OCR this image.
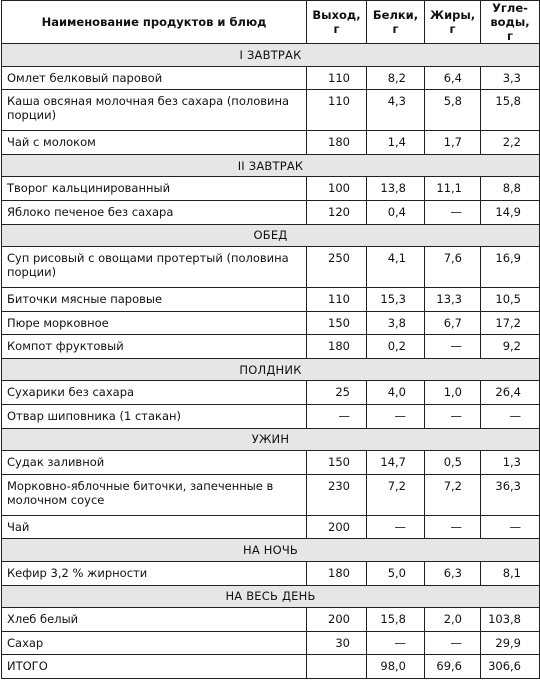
Наименование продуктов и блюд	Выход, г	Белки, г	Жиры, г	Угле-воды, г
I ЗАВТРАК				
Омлет белковый паровой	110	8,2	6,4	3,3
Каша овсяная молочная без сахара (половина порции)	110	4,3	5,8	15,8
Чай с молоком	180	1,4	1,7	2,2
II ЗАВТРАК				
Творог кальцинированный	100	13,8	11,1	8,8
Яблоко печеное без сахара	120	0,4	—	14,9
ОБЕД				
Суп рисовый с овощами протертый (половина порции)	250	4,1	7,6	16,9
Биточки мясные паровые	110	15,3	13,3	10,5
Пюре морковное	150	3,8	6,7	17,2
Компот фруктовый	180	0,2	—	9,2
ПОЛДНИК				
Сухарики без сахара	25	4,0	1,0	26,4
Отвар шиповника (1 стакан)	—	—	—	—
УЖИН				
Судак заливной	150	14,7	0,5	1,3
Морковно-яблочные биточки, запеченные в молочном соусе	230	7,2	7,2	36,3
Чай	200	—	—	—
НА НОЧЬ				
Кефир 3,2 % жирности	180	5,0	6,3	8,1
НА ВЕСЬ ДЕНЬ				
Хлеб белый	200	15,8	2,0	103,8
Сахар	30	—	—	29,9
ИТОГО		98,0	69,6	306,6
